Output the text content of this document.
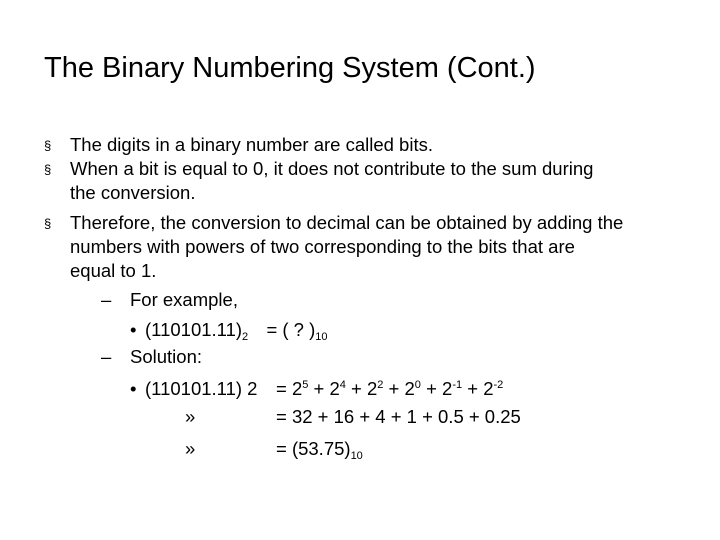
The Binary Numbering System (Cont.)
§ The digits in a binary number are called bits.
§ When a bit is equal to 0, it does not contribute to the sum during
the conversion.
§ Therefore, the conversion to decimal can be obtained by adding the
numbers with powers of two corresponding to the bits that are
equal to 1.
– For example,
• $(110101.11)_2$ = ( ? )$_{10}$
– Solution:
• (110101.11) $2 = 2^5 + 2^4 + 2^2 + 2^0 + 2^{-1} + 2^{-2}$
»	= 32 + 16 + 4 + 1 + 0.5 + 0.25
»	= $(53.75)_{10}$
